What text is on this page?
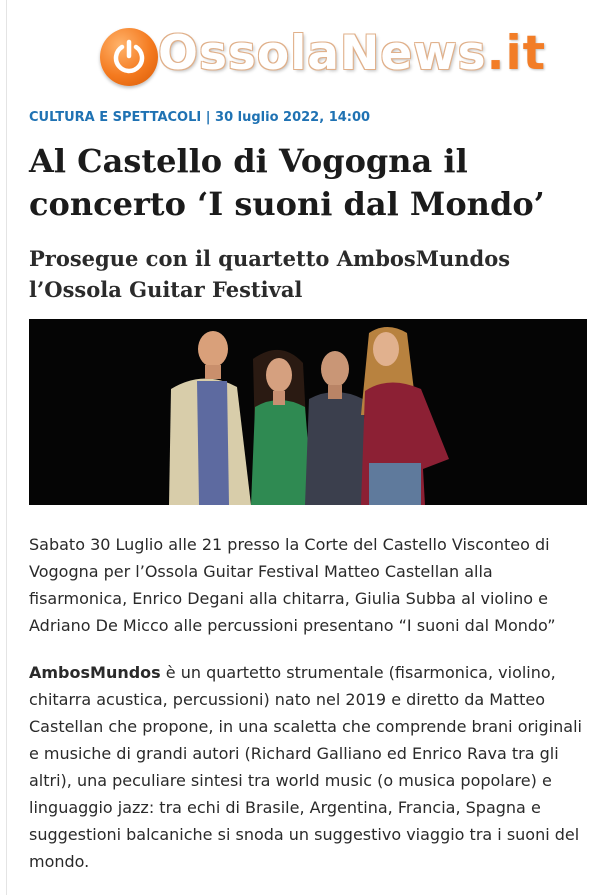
OssolaNews.it
CULTURA E SPETTACOLI | 30 luglio 2022, 14:00
Al Castello di Vogogna il concerto ‘I suoni dal Mondo’
Prosegue con il quartetto AmbosMundos l’Ossola Guitar Festival

Sabato 30 Luglio alle 21 presso la Corte del Castello Visconteo di Vogogna per l’Ossola Guitar Festival Matteo Castellan alla fisarmonica, Enrico Degani alla chitarra, Giulia Subba al violino e Adriano De Micco alle percussioni presentano “I suoni dal Mondo”

AmbosMundos è un quartetto strumentale (fisarmonica, violino, chitarra acustica, percussioni) nato nel 2019 e diretto da Matteo Castellan che propone, in una scaletta che comprende brani originali e musiche di grandi autori (Richard Galliano ed Enrico Rava tra gli altri), una peculiare sintesi tra world music (o musica popolare) e linguaggio jazz: tra echi di Brasile, Argentina, Francia, Spagna e suggestioni balcaniche si snoda un suggestivo viaggio tra i suoni del mondo.
